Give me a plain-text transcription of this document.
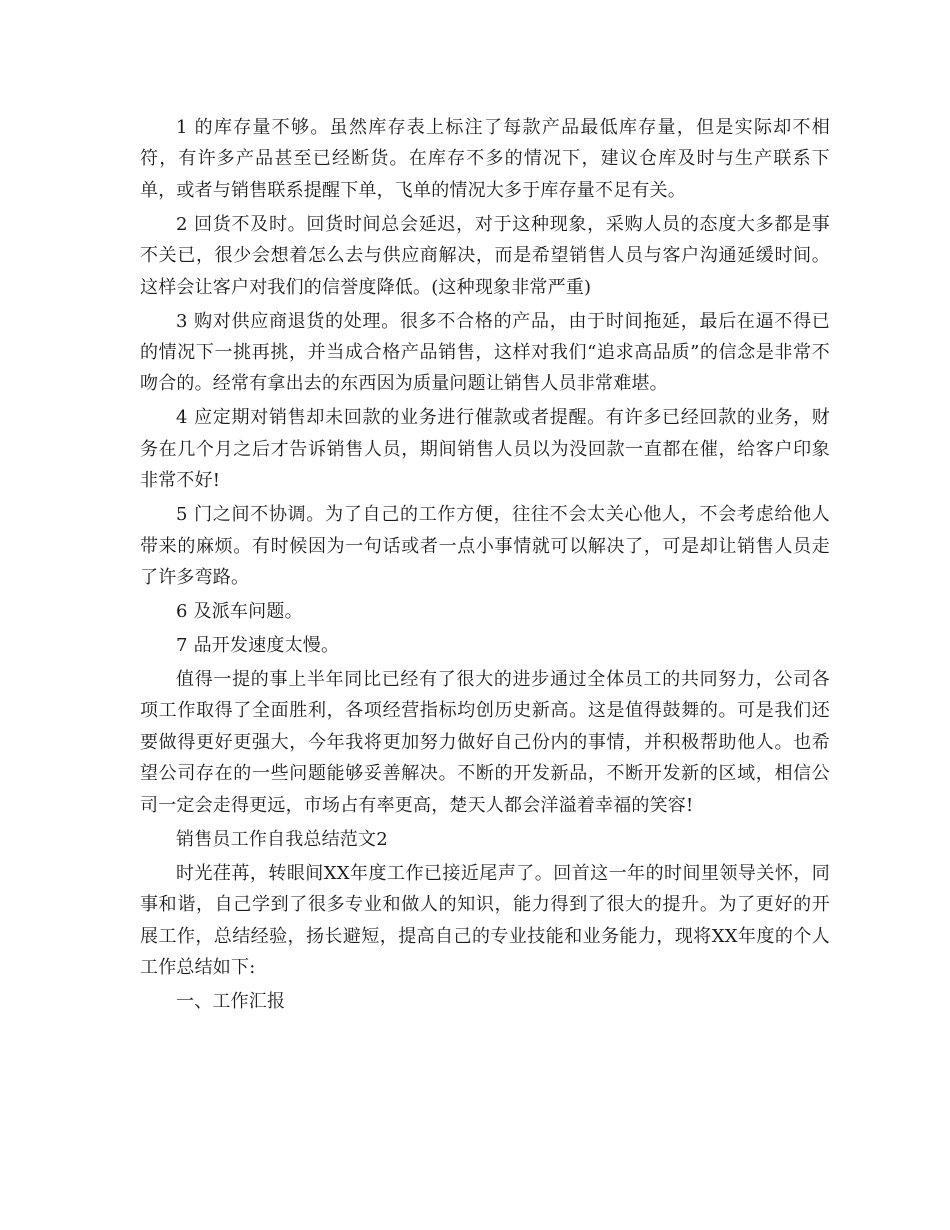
1 的库存量不够。虽然库存表上标注了每款产品最低库存量，但是实际却不相符，有许多产品甚至已经断货。在库存不多的情况下，建议仓库及时与生产联系下单，或者与销售联系提醒下单，飞单的情况大多于库存量不足有关。

2 回货不及时。回货时间总会延迟，对于这种现象，采购人员的态度大多都是事不关已，很少会想着怎么去与供应商解决，而是希望销售人员与客户沟通延缓时间。这样会让客户对我们的信誉度降低。(这种现象非常严重)

3 购对供应商退货的处理。很多不合格的产品，由于时间拖延，最后在逼不得已的情况下一挑再挑，并当成合格产品销售，这样对我们“追求高品质”的信念是非常不吻合的。经常有拿出去的东西因为质量问题让销售人员非常难堪。

4 应定期对销售却未回款的业务进行催款或者提醒。有许多已经回款的业务，财务在几个月之后才告诉销售人员，期间销售人员以为没回款一直都在催，给客户印象非常不好!

5 门之间不协调。为了自己的工作方便，往往不会太关心他人，不会考虑给他人带来的麻烦。有时候因为一句话或者一点小事情就可以解决了，可是却让销售人员走了许多弯路。

6 及派车问题。

7 品开发速度太慢。

值得一提的事上半年同比已经有了很大的进步通过全体员工的共同努力，公司各项工作取得了全面胜利，各项经营指标均创历史新高。这是值得鼓舞的。可是我们还要做得更好更强大，今年我将更加努力做好自己份内的事情，并积极帮助他人。也希望公司存在的一些问题能够妥善解决。不断的开发新品，不断开发新的区域，相信公司一定会走得更远，市场占有率更高，楚天人都会洋溢着幸福的笑容!

销售员工作自我总结范文2

时光荏苒，转眼间XX年度工作已接近尾声了。回首这一年的时间里领导关怀，同事和谐，自己学到了很多专业和做人的知识，能力得到了很大的提升。为了更好的开展工作，总结经验，扬长避短，提高自己的专业技能和业务能力，现将XX年度的个人工作总结如下:

一、工作汇报
